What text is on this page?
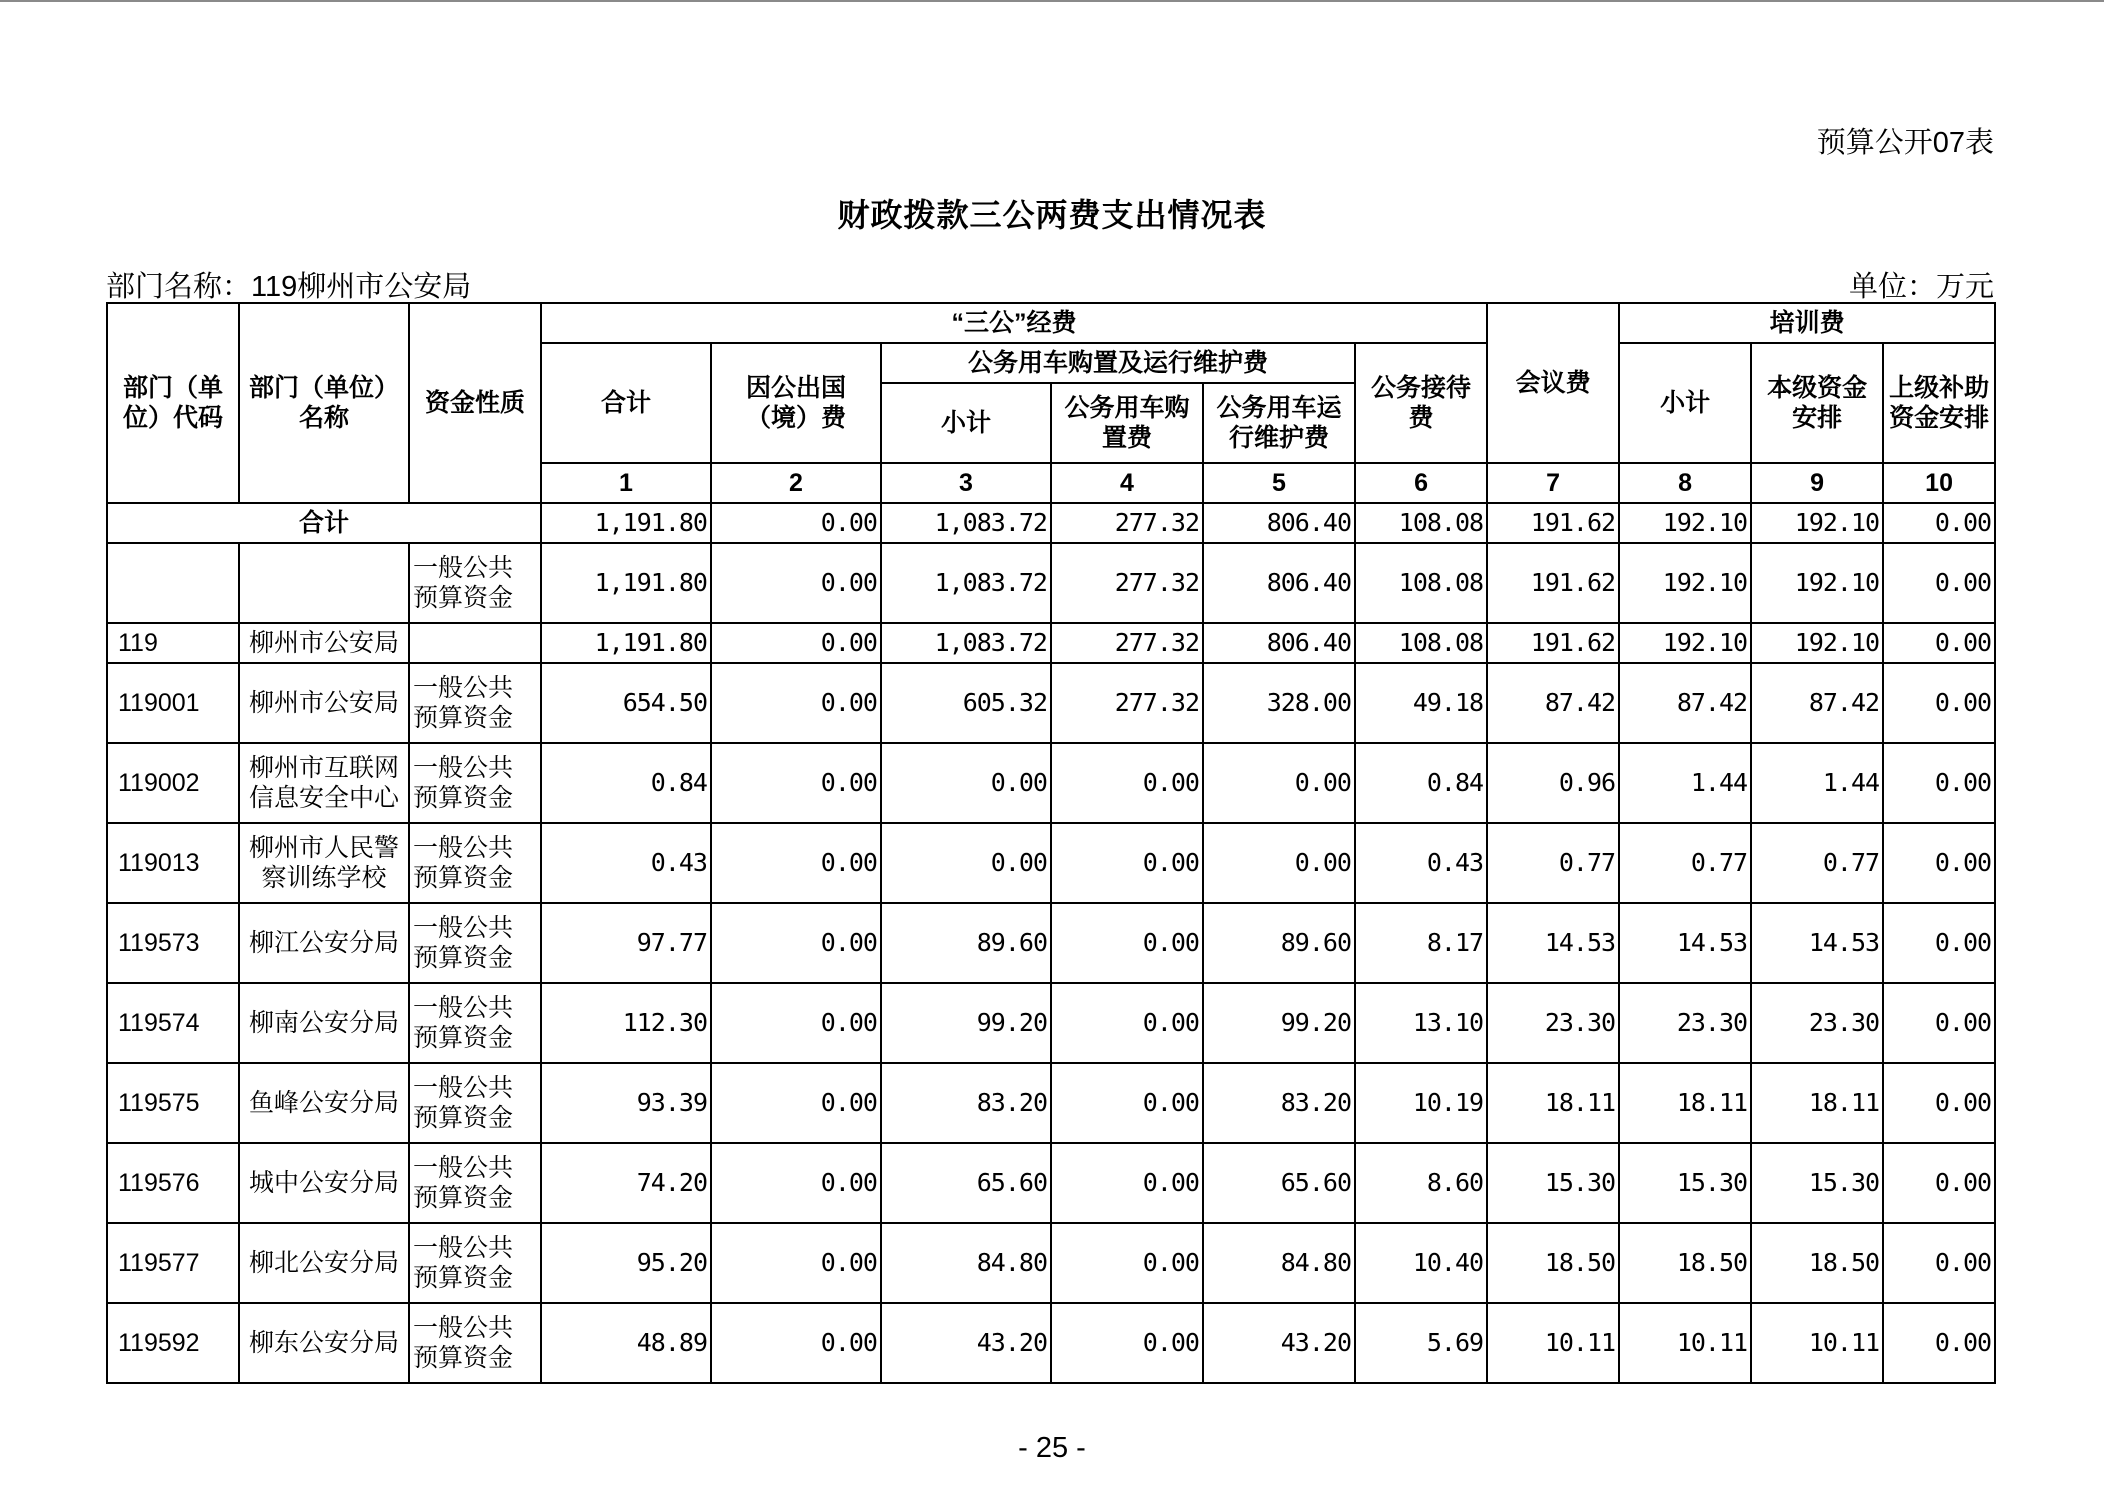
预算公开07表
财政拨款三公两费支出情况表
部门名称：119柳州市公安局	单位：万元
部门（单位）代码	部门（单位）名称	资金性质	“三公”经费						会议费	培训费		
			合计	因公出国（境）费	公务用车购置及运行维护费			公务接待费		小计	本级资金安排	上级补助资金安排
					小计	公务用车购置费	公务用车运行维护费					
			1	2	3	4	5	6	7	8	9	10
合计			1,191.80	0.00	1,083.72	277.32	806.40	108.08	191.62	192.10	192.10	0.00
		一般公共预算资金	1,191.80	0.00	1,083.72	277.32	806.40	108.08	191.62	192.10	192.10	0.00
119	柳州市公安局		1,191.80	0.00	1,083.72	277.32	806.40	108.08	191.62	192.10	192.10	0.00
119001	柳州市公安局	一般公共预算资金	654.50	0.00	605.32	277.32	328.00	49.18	87.42	87.42	87.42	0.00
119002	柳州市互联网信息安全中心	一般公共预算资金	0.84	0.00	0.00	0.00	0.00	0.84	0.96	1.44	1.44	0.00
119013	柳州市人民警察训练学校	一般公共预算资金	0.43	0.00	0.00	0.00	0.00	0.43	0.77	0.77	0.77	0.00
119573	柳江公安分局	一般公共预算资金	97.77	0.00	89.60	0.00	89.60	8.17	14.53	14.53	14.53	0.00
119574	柳南公安分局	一般公共预算资金	112.30	0.00	99.20	0.00	99.20	13.10	23.30	23.30	23.30	0.00
119575	鱼峰公安分局	一般公共预算资金	93.39	0.00	83.20	0.00	83.20	10.19	18.11	18.11	18.11	0.00
119576	城中公安分局	一般公共预算资金	74.20	0.00	65.60	0.00	65.60	8.60	15.30	15.30	15.30	0.00
119577	柳北公安分局	一般公共预算资金	95.20	0.00	84.80	0.00	84.80	10.40	18.50	18.50	18.50	0.00
119592	柳东公安分局	一般公共预算资金	48.89	0.00	43.20	0.00	43.20	5.69	10.11	10.11	10.11	0.00
- 25 -
